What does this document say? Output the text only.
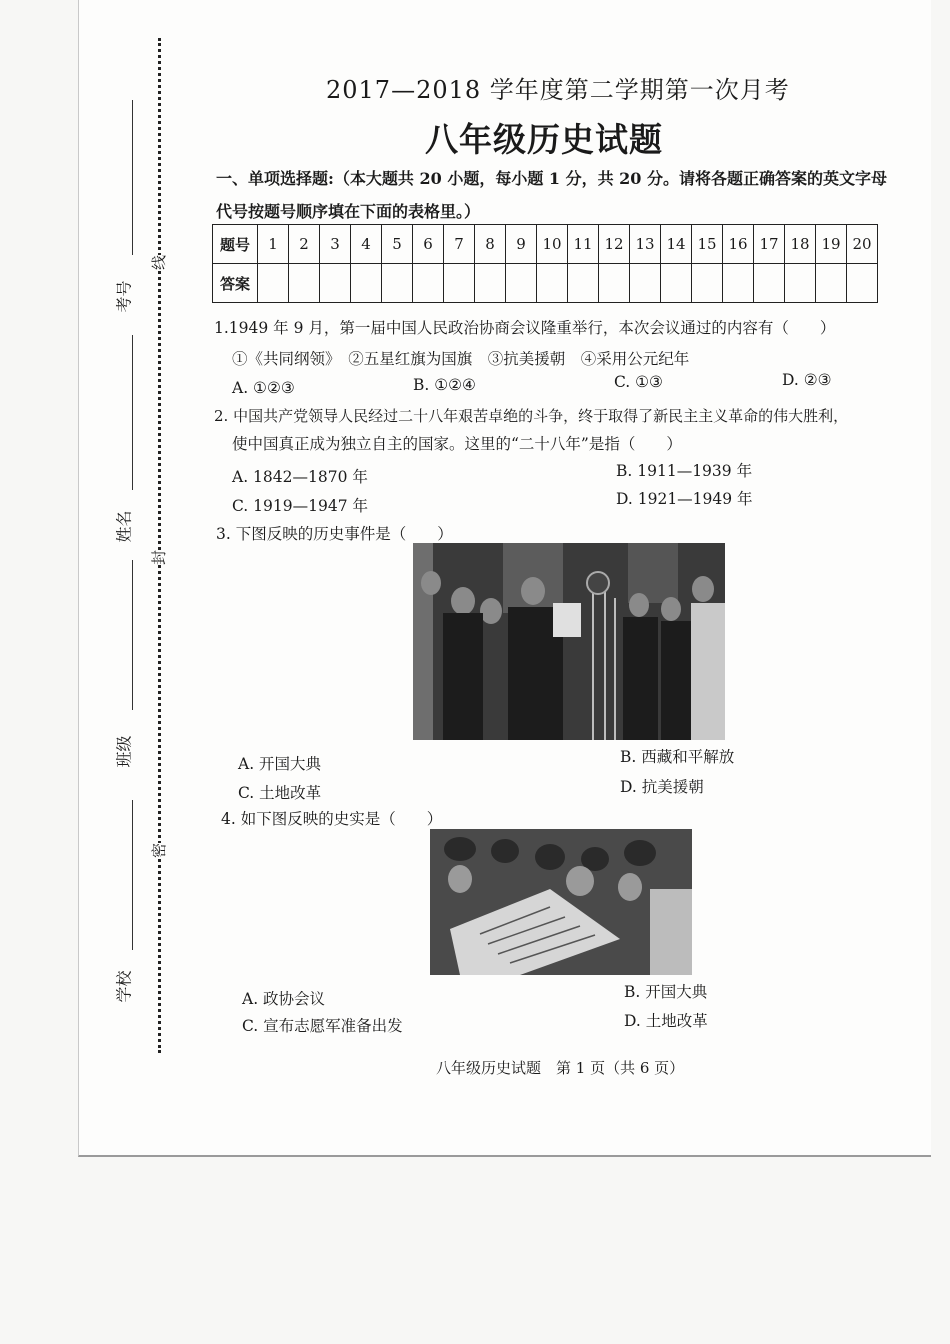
考号
姓名
班级
学校
线
封
密
2017—2018 学年度第二学期第一次月考
八年级历史试题
一、单项选择题:（本大题共 20 小题，每小题 1 分，共 20 分。请将各题正确答案的英文字母代号按题号顺序填在下面的表格里。）
题号	1	2	3	4	5	6	7	8	9	10	11	12	13	14	15	16	17	18	19	20
答案																				
1.1949 年 9 月，第一届中国人民政治协商会议隆重举行，本次会议通过的内容有（　　）
①《共同纲领》　②五星红旗为国旗　③抗美援朝　④采用公元纪年
A. ①②③	B. ①②④	C. ①③	D. ②③
2. 中国共产党领导人民经过二十八年艰苦卓绝的斗争，终于取得了新民主主义革命的伟大胜利，
使中国真正成为独立自主的国家。这里的“二十八年”是指（　　）
A. 1842—1870 年	B. 1911—1939 年
C. 1919—1947 年	D. 1921—1949 年
3. 下图反映的历史事件是（　　）
A. 开国大典	B. 西藏和平解放
C. 土地改革	D. 抗美援朝
4. 如下图反映的史实是（　　）
A. 政协会议	B. 开国大典
C. 宣布志愿军准备出发	D. 土地改革
八年级历史试题　第 1 页（共 6 页）
